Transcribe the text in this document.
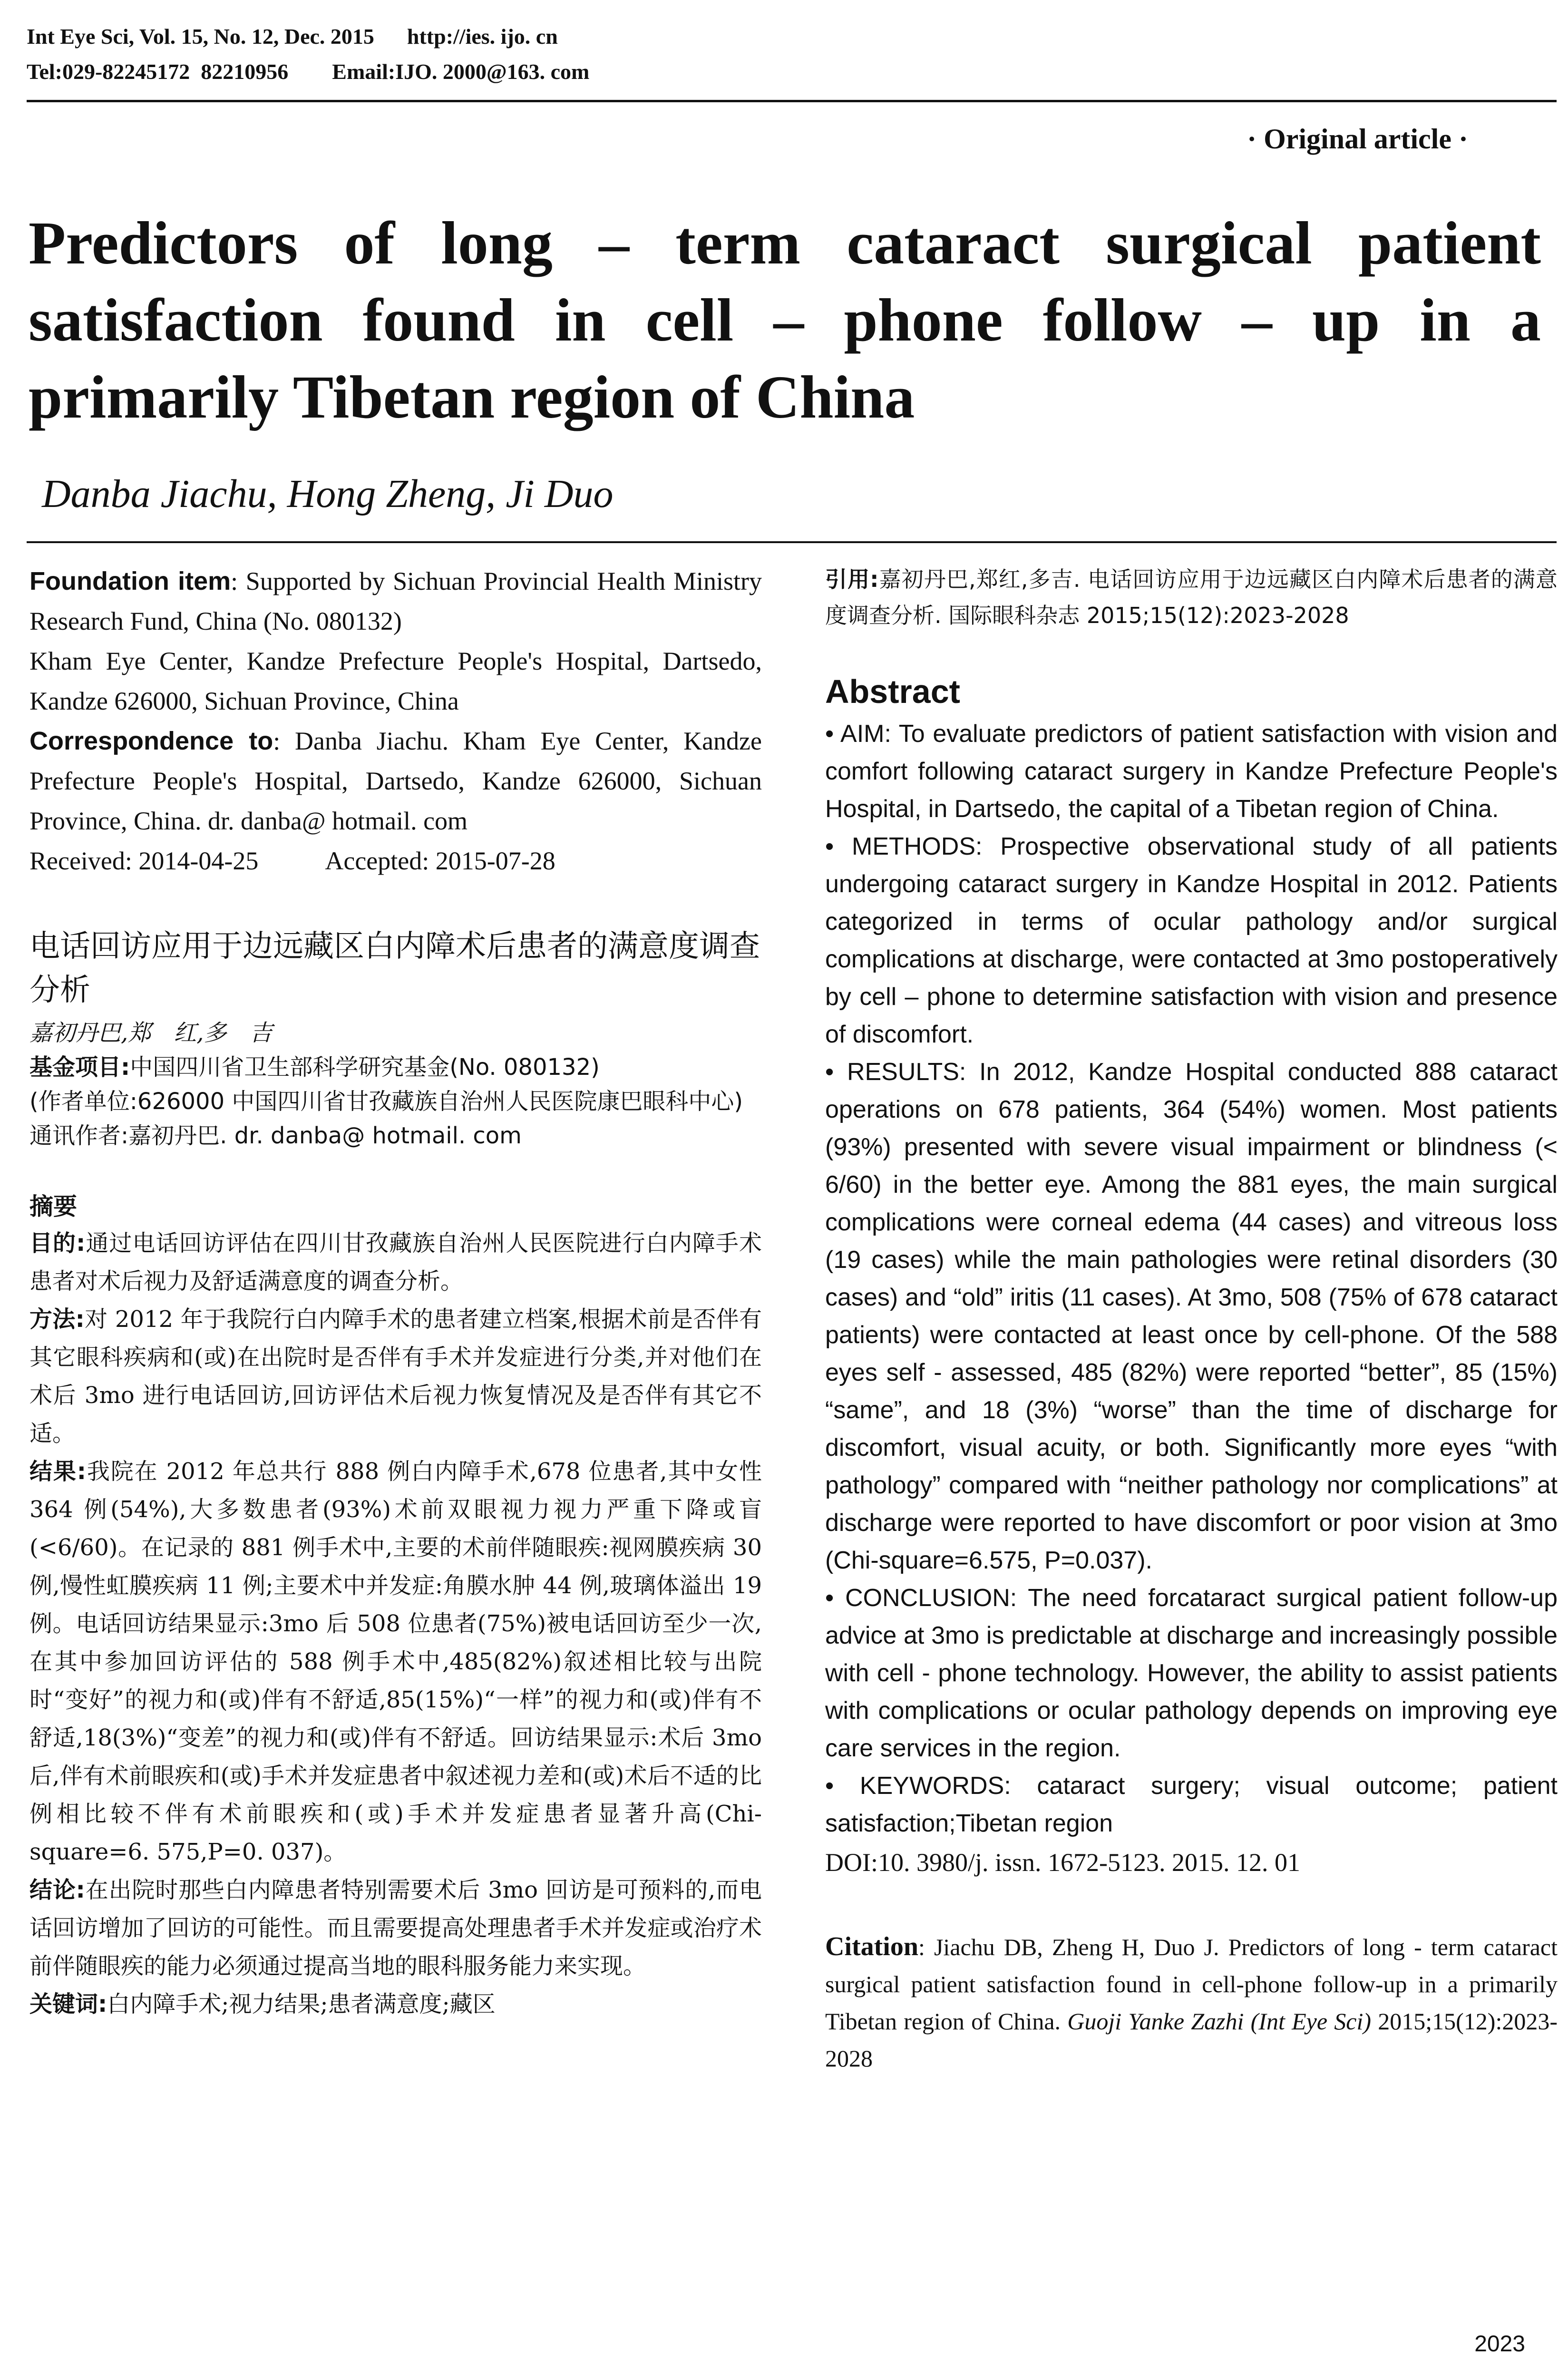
Int Eye Sci, Vol. 15, No. 12, Dec. 2015      http://ies. ijo. cn
Tel:029-82245172  82210956        Email:IJO. 2000@163. com
· Original article ·
Predictors of long – term cataract surgical patient satisfaction found in cell – phone follow – up in a primarily Tibetan region of China
Danba Jiachu, Hong Zheng, Ji Duo
Foundation item: Supported by Sichuan Provincial Health Ministry Research Fund, China (No. 080132)
Kham Eye Center, Kandze Prefecture People's Hospital, Dartsedo, Kandze 626000, Sichuan Province, China
Correspondence to: Danba Jiachu. Kham Eye Center, Kandze Prefecture People's Hospital, Dartsedo, Kandze 626000, Sichuan Province, China. dr. danba@ hotmail. com
Received: 2014-04-25	Accepted: 2015-07-28
电话回访应用于边远藏区白内障术后患者的满意度调查分析
嘉初丹巴,郑　红,多　吉
基金项目:中国四川省卫生部科学研究基金(No. 080132)
(作者单位:626000 中国四川省甘孜藏族自治州人民医院康巴眼科中心)
通讯作者:嘉初丹巴. dr. danba@ hotmail. com
摘要
目的:通过电话回访评估在四川甘孜藏族自治州人民医院进行白内障手术患者对术后视力及舒适满意度的调查分析。
方法:对 2012 年于我院行白内障手术的患者建立档案,根据术前是否伴有其它眼科疾病和(或)在出院时是否伴有手术并发症进行分类,并对他们在术后 3mo 进行电话回访,回访评估术后视力恢复情况及是否伴有其它不适。
结果:我院在 2012 年总共行 888 例白内障手术,678 位患者,其中女性 364 例(54%),大多数患者(93%)术前双眼视力视力严重下降或盲(<6/60)。在记录的 881 例手术中,主要的术前伴随眼疾:视网膜疾病 30 例,慢性虹膜疾病 11 例;主要术中并发症:角膜水肿 44 例,玻璃体溢出 19 例。电话回访结果显示:3mo 后 508 位患者(75%)被电话回访至少一次,在其中参加回访评估的 588 例手术中,485(82%)叙述相比较与出院时“变好”的视力和(或)伴有不舒适,85(15%)“一样”的视力和(或)伴有不舒适,18(3%)“变差”的视力和(或)伴有不舒适。回访结果显示:术后 3mo 后,伴有术前眼疾和(或)手术并发症患者中叙述视力差和(或)术后不适的比例相比较不伴有术前眼疾和(或)手术并发症患者显著升高(Chi-square=6. 575,P=0. 037)。
结论:在出院时那些白内障患者特别需要术后 3mo 回访是可预料的,而电话回访增加了回访的可能性。而且需要提高处理患者手术并发症或治疗术前伴随眼疾的能力必须通过提高当地的眼科服务能力来实现。
关键词:白内障手术;视力结果;患者满意度;藏区
引用:嘉初丹巴,郑红,多吉. 电话回访应用于边远藏区白内障术后患者的满意度调查分析. 国际眼科杂志 2015;15(12):2023-2028
Abstract

• AIM: To evaluate predictors of patient satisfaction with vision and comfort following cataract surgery in Kandze Prefecture People's Hospital, in Dartsedo, the capital of a Tibetan region of China.

• METHODS: Prospective observational study of all patients undergoing cataract surgery in Kandze Hospital in 2012. Patients categorized in terms of ocular pathology and/or surgical complications at discharge, were contacted at 3mo postoperatively by cell – phone to determine satisfaction with vision and presence of discomfort.

• RESULTS: In 2012, Kandze Hospital conducted 888 cataract operations on 678 patients, 364 (54%) women. Most patients (93%) presented with severe visual impairment or blindness (< 6/60) in the better eye. Among the 881 eyes, the main surgical complications were corneal edema (44 cases) and vitreous loss (19 cases) while the main pathologies were retinal disorders (30 cases) and “old” iritis (11 cases). At 3mo, 508 (75% of 678 cataract patients) were contacted at least once by cell-phone. Of the 588 eyes self - assessed, 485 (82%) were reported “better”, 85 (15%) “same”, and 18 (3%) “worse” than the time of discharge for discomfort, visual acuity, or both. Significantly more eyes “with pathology” compared with “neither pathology nor complications” at discharge were reported to have discomfort or poor vision at 3mo (Chi-square=6.575, P=0.037).

• CONCLUSION: The need forcataract surgical patient follow-up advice at 3mo is predictable at discharge and increasingly possible with cell - phone technology. However, the ability to assist patients with complications or ocular pathology depends on improving eye care services in the region.

• KEYWORDS: cataract surgery; visual outcome; patient satisfaction;Tibetan region

DOI:10. 3980/j. issn. 1672-5123. 2015. 12. 01
Citation: Jiachu DB, Zheng H, Duo J. Predictors of long - term cataract surgical patient satisfaction found in cell-phone follow-up in a primarily Tibetan region of China. Guoji Yanke Zazhi (Int Eye Sci) 2015;15(12):2023-2028
2023
